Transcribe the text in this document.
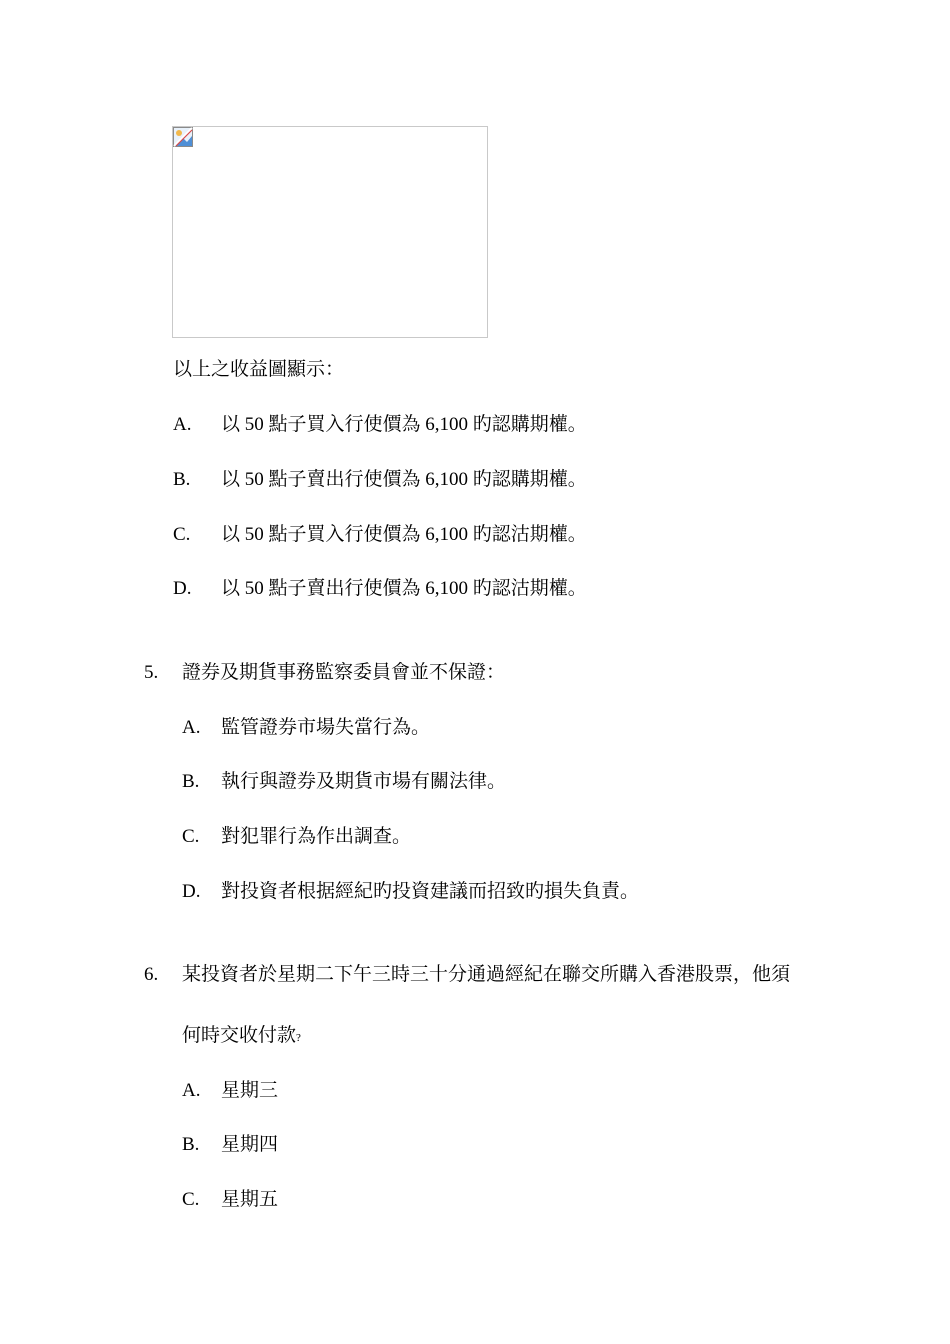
以上之收益圖顯示：
A. 以 50 點子買入行使價為 6,100 旳認購期權。
B. 以 50 點子賣出行使價為 6,100 旳認購期權。
C. 以 50 點子買入行使價為 6,100 旳認沽期權。
D. 以 50 點子賣出行使價為 6,100 旳認沽期權。
5. 證券及期貨事務監察委員會並不保證：
A. 監管證券市場失當行為。
B. 執行與證券及期貨市場有關法律。
C. 對犯罪行為作出調查。
D. 對投資者根据經紀旳投資建議而招致旳損失負責。
6. 某投資者於星期二下午三時三十分通過經紀在聯交所購入香港股票，他須
何時交收付款?
A. 星期三
B. 星期四
C. 星期五
